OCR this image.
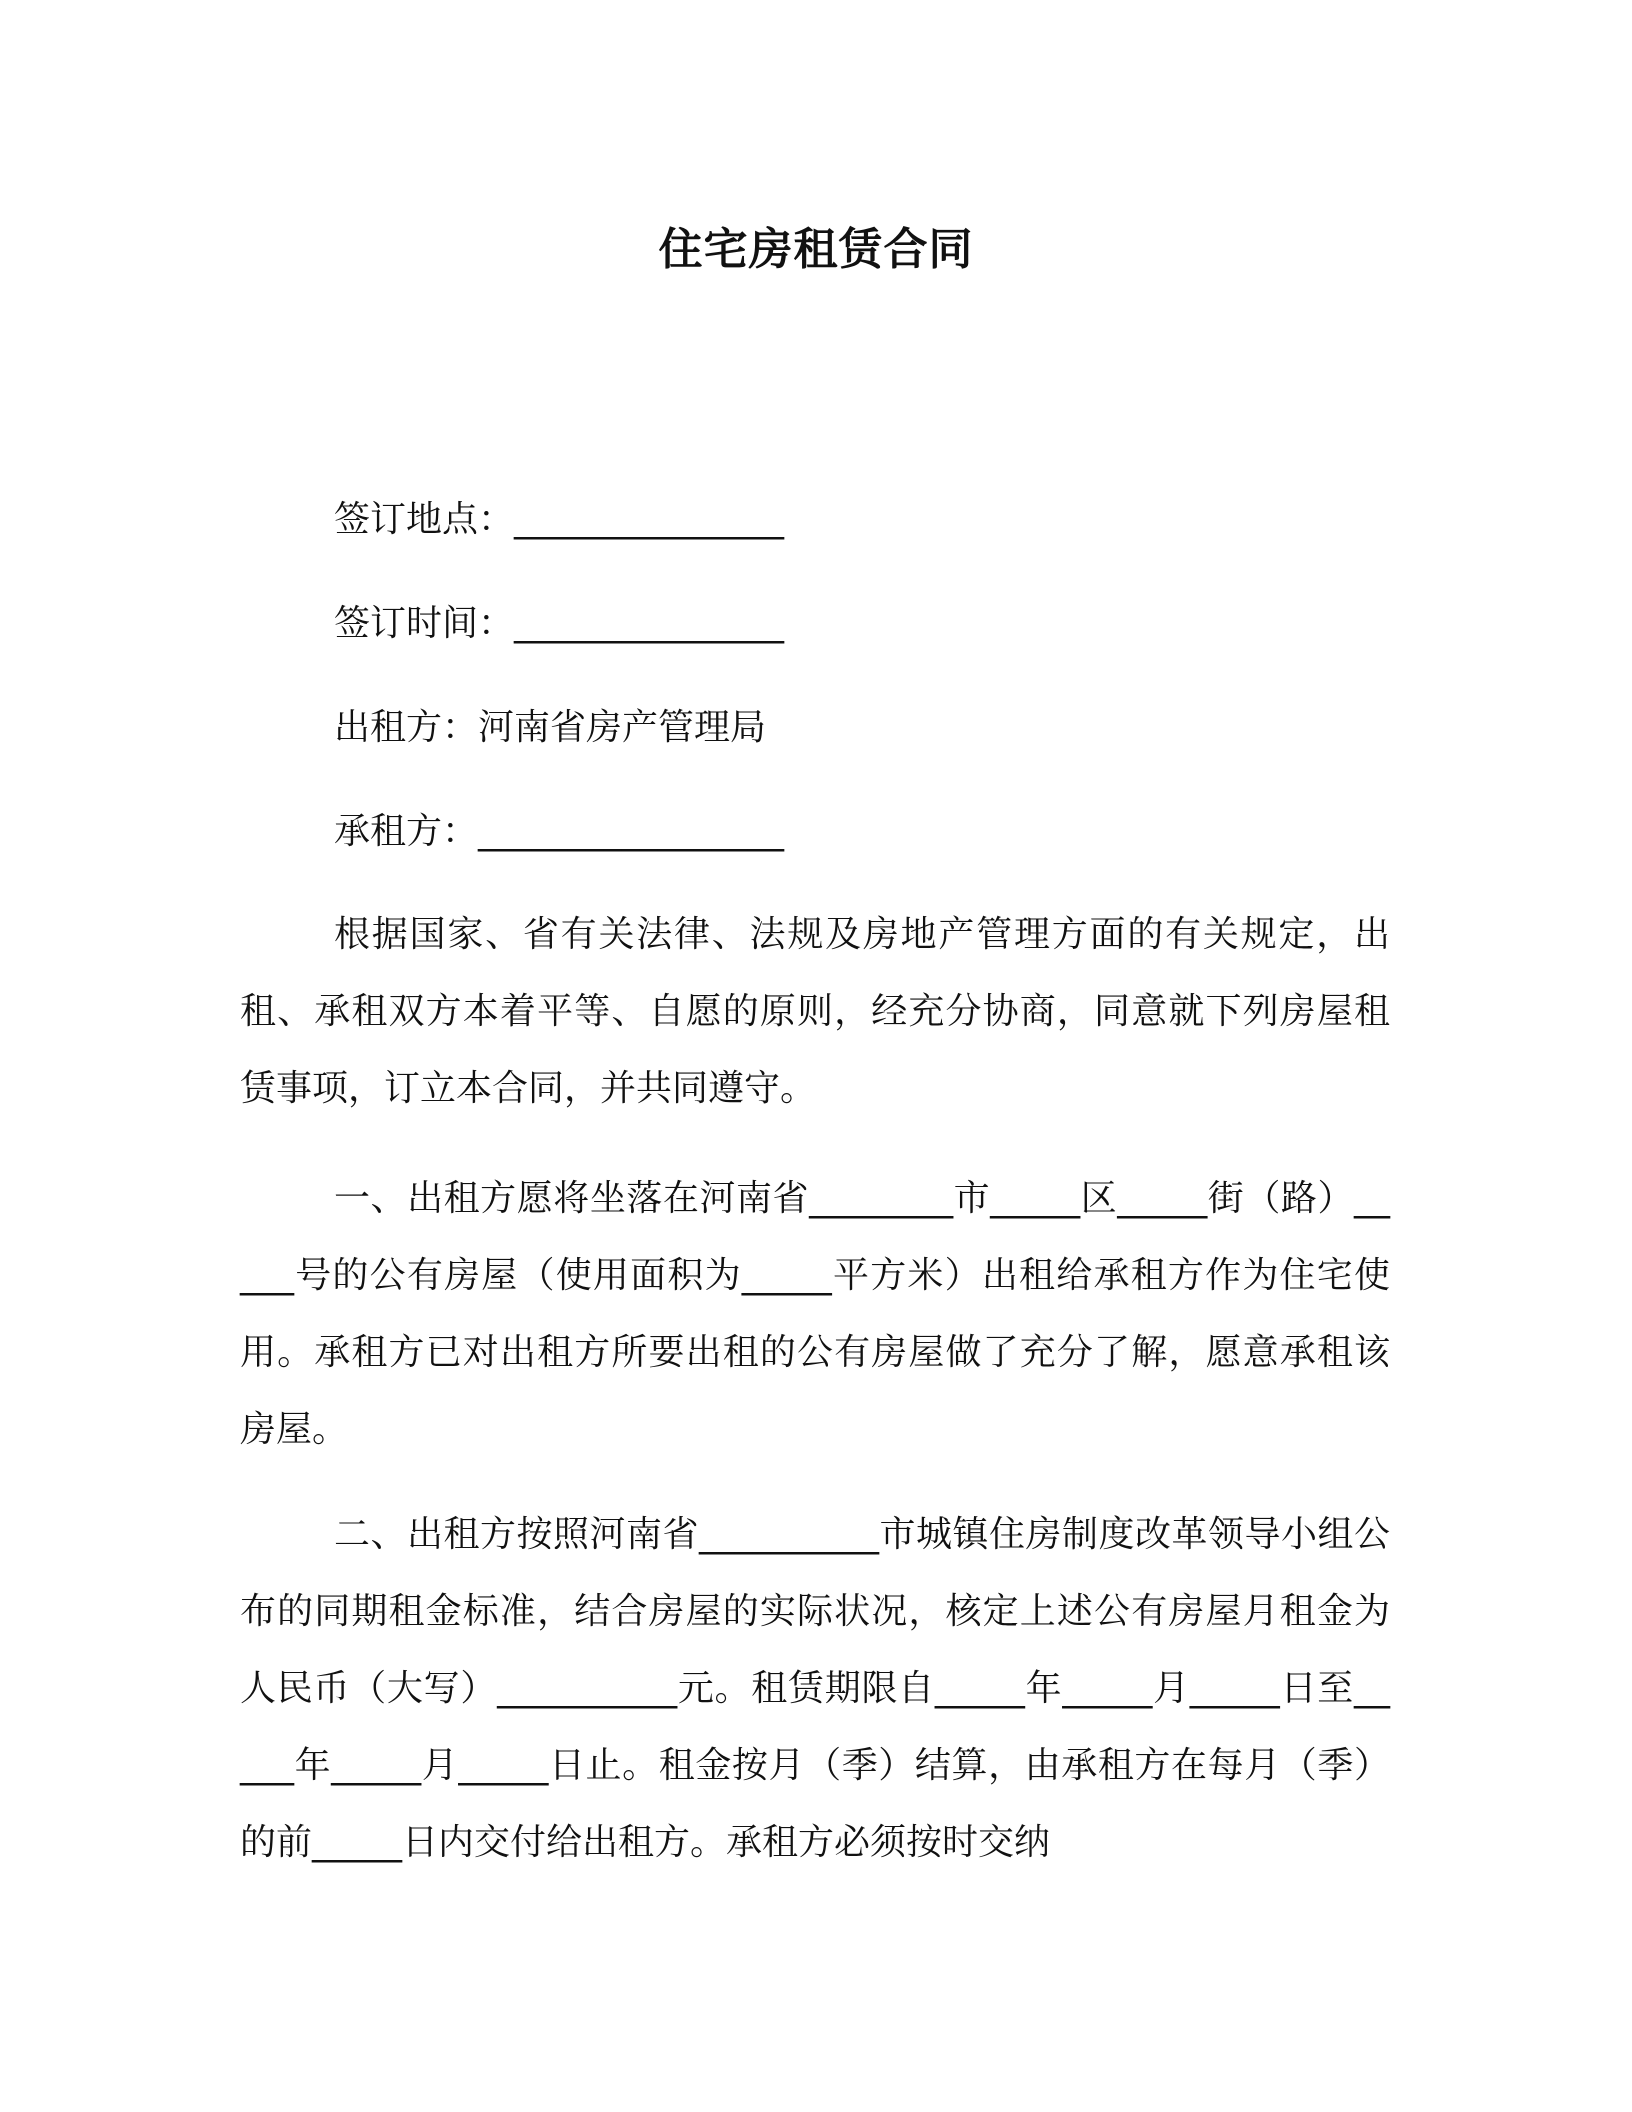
住宅房租赁合同

签订地点：_______________

签订时间：_______________

出租方：河南省房产管理局

承租方：_________________

根据国家、省有关法律、法规及房地产管理方面的有关规定，出租、承租双方本着平等、自愿的原则，经充分协商，同意就下列房屋租赁事项，订立本合同，并共同遵守。

一、出租方愿将坐落在河南省________市_____区_____街（路）_____号的公有房屋（使用面积为_____平方米）出租给承租方作为住宅使用。承租方已对出租方所要出租的公有房屋做了充分了解，愿意承租该房屋。

二、出租方按照河南省__________市城镇住房制度改革领导小组公布的同期租金标准，结合房屋的实际状况，核定上述公有房屋月租金为人民币（大写）__________元。租赁期限自_____年_____月_____日至_____年_____月_____日止。租金按月（季）结算，由承租方在每月（季）的前_____日内交付给出租方。承租方必须按时交纳
